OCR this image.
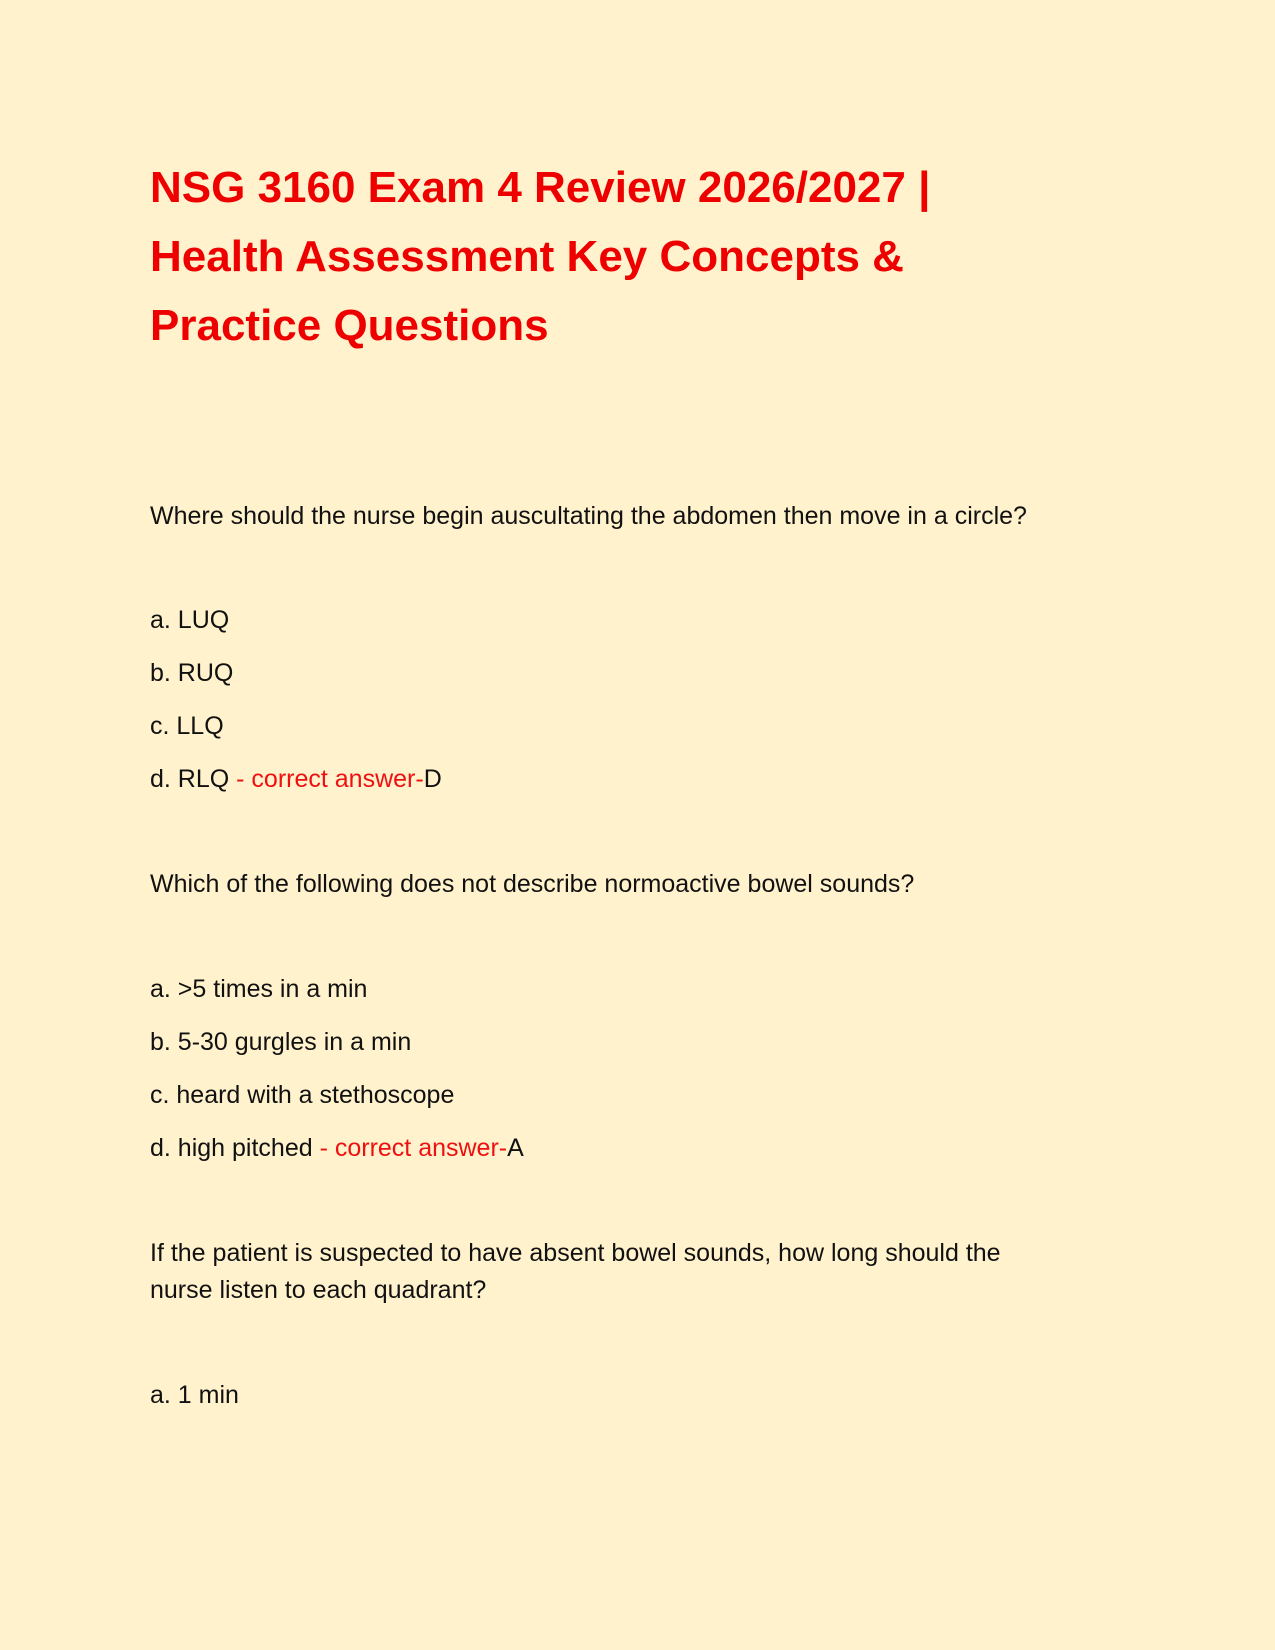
NSG 3160 Exam 4 Review 2026/2027 |
Health Assessment Key Concepts &
Practice Questions

Where should the nurse begin auscultating the abdomen then move in a circle?

a. LUQ

b. RUQ

c. LLQ

d. RLQ - correct answer-D

Which of the following does not describe normoactive bowel sounds?

a. >5 times in a min

b. 5-30 gurgles in a min

c. heard with a stethoscope

d. high pitched - correct answer-A

If the patient is suspected to have absent bowel sounds, how long should the

nurse listen to each quadrant?

a. 1 min
